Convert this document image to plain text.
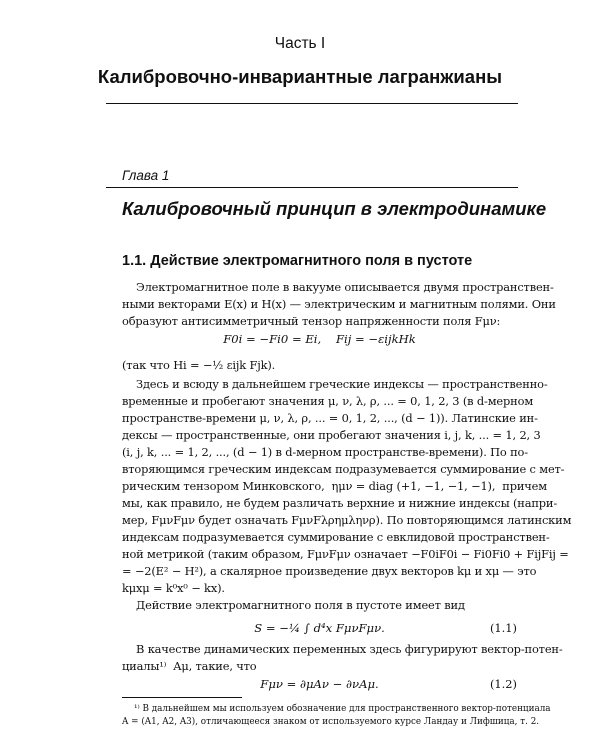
Часть I
Калибровочно-инвариантные лагранжианы
Глава 1
Калибровочный принцип в электродинамике
1.1. Действие электромагнитного поля в пустоте
Электромагнитное поле в вакууме описывается двумя пространствен-
ными векторами E(x) и H(x) — электрическим и магнитным полями. Они
образуют антисимметричный тензор напряженности поля Fμν:
F0i = −Fi0 = Ei,    Fij = −εijkHk
(так что Hi = −½ εijk Fjk).
Здесь и всюду в дальнейшем греческие индексы — пространственно-
временные и пробегают значения μ, ν, λ, ρ, ... = 0, 1, 2, 3 (в d-мерном
пространстве-времени μ, ν, λ, ρ, ... = 0, 1, 2, ..., (d − 1)). Латинские ин-
дексы — пространственные, они пробегают значения i, j, k, ... = 1, 2, 3
(i, j, k, ... = 1, 2, ..., (d − 1) в d-мерном пространстве-времени). По по-
вторяющимся греческим индексам подразумевается суммирование с мет-
рическим тензором Минковского,  ημν = diag (+1, −1, −1, −1),  причем
мы, как правило, не будем различать верхние и нижние индексы (напри-
мер, FμνFμν будет означать FμνFλρημληνρ). По повторяющимся латинским
индексам подразумевается суммирование с евклидовой пространствен-
ной метрикой (таким образом, FμνFμν означает −F0iF0i − Fi0Fi0 + FijFij =
= −2(E² − H²), а скалярное произведение двух векторов kμ и xμ — это
kμxμ = k⁰x⁰ − kx).
Действие электромагнитного поля в пустоте имеет вид
S = −¼ ∫ d⁴x FμνFμν.	(1.1)
В качестве динамических переменных здесь фигурируют вектор-потен-
циалы¹⁾  Aμ, такие, что
Fμν = ∂μAν − ∂νAμ.	(1.2)
¹⁾ В дальнейшем мы используем обозначение для пространственного вектор-потенциала
A = (A1, A2, A3), отличающееся знаком от используемого курсе Ландау и Лифшица, т. 2.
